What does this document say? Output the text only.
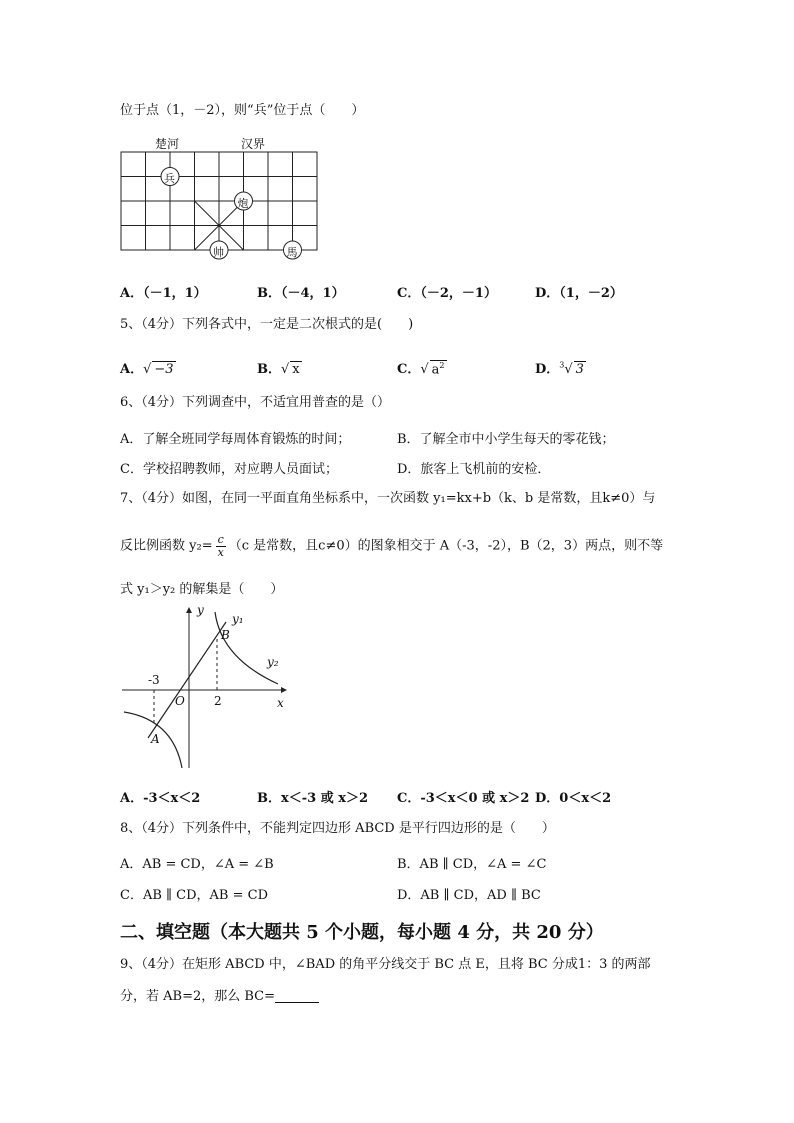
位于点（1，－2），则“兵”位于点（　　）
楚河	汉界
兵
炮
帅	馬
A．（－1，1）	B．（－4，1）	C．（－2，－1）	D．（1，－2）
5、（4分）下列各式中，一定是二次根式的是(　　)
A．√ −3	B．√ x	C．√ $a^2$	D．$^3$√ 3
6、（4分）下列调查中，不适宜用普查的是（）
A．了解全班同学每周体育锻炼的时间；	B．了解全市中小学生每天的零花钱；
C．学校招聘教师，对应聘人员面试；	D．旅客上飞机前的安检．
7、（4分）如图，在同一平面直角坐标系中，一次函数 y₁=kx+b（k、b 是常数，且k≠0）与
反比例函数 $y_2= \frac{c}{x} (c$ 是常数，且c≠0）的图象相交于 A（-3，-2），B（2，3）两点，则不等
式 y₁＞y₂ 的解集是（　　）
y
y₁
B
y₂
-3
O 2	x
A
A．-3＜x＜2	B．x＜-3 或 x＞2 C．-3＜x＜0 或 x＞2 D．0＜x＜2
8、（4分）下列条件中，不能判定四边形 ABCD 是平行四边形的是（　　）
A．AB = CD，∠A = ∠B	B．AB ∥ CD，∠A = ∠C
C．AB ∥ CD，AB = CD	D．AB ∥ CD，AD ∥ BC
二、填空题（本大题共 5 个小题，每小题 4 分，共 20 分）
9、（4分）在矩形 ABCD 中，∠BAD 的角平分线交于 BC 点 E，且将 BC 分成1：3 的两部
分，若 AB=2，那么 BC=
